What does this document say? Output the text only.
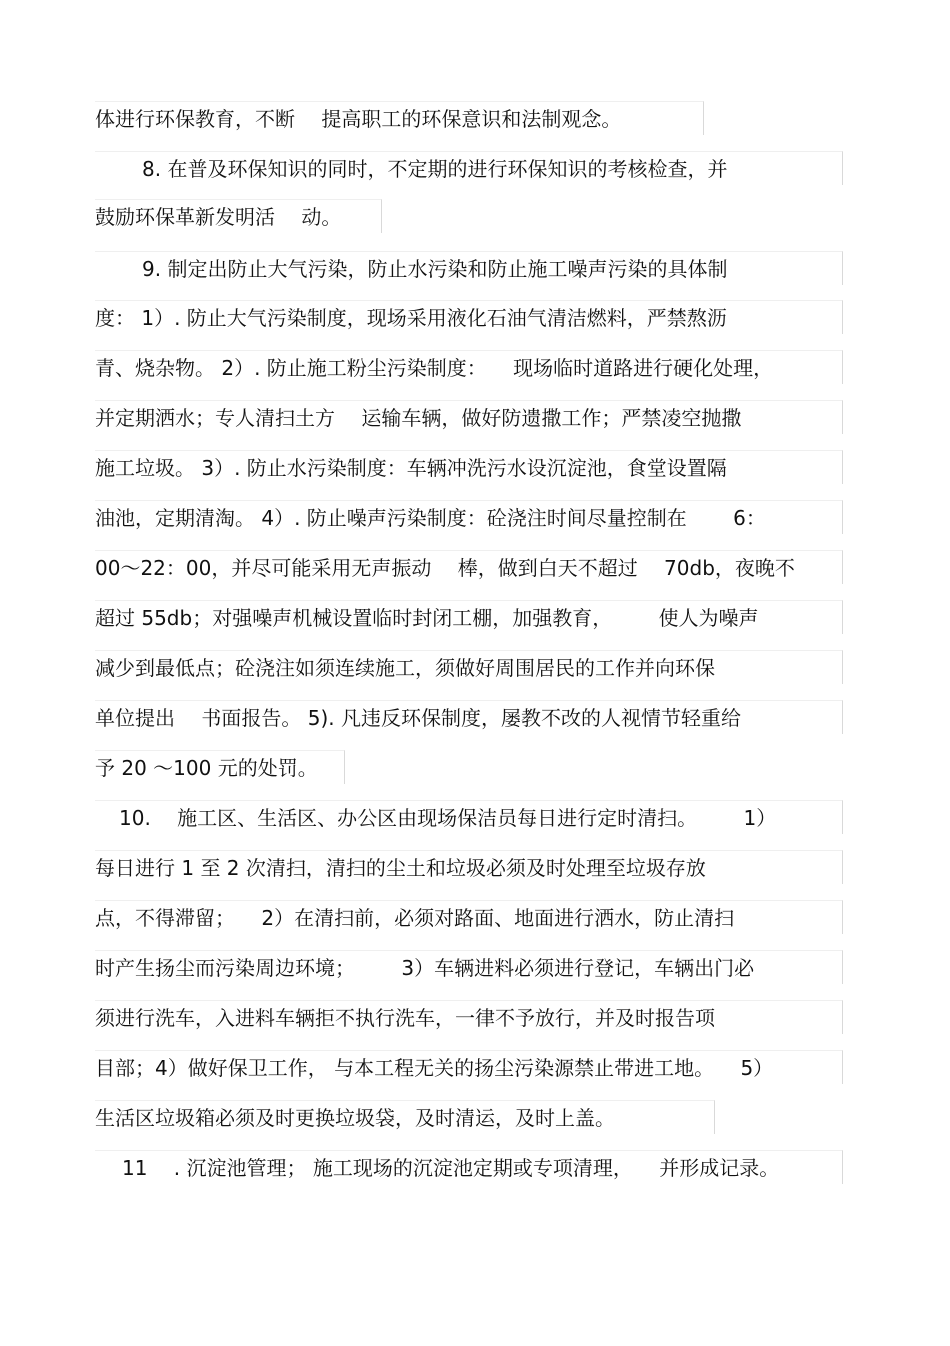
体进行环保教育，不断 　提高职工的环保意识和法制观念。
8. 在普及环保知识的同时，不定期的进行环保知识的考核检查，并
鼓励环保革新发明活 　动。
9. 制定出防止大气污染，防止水污染和防止施工噪声污染的具体制
度： 1）. 防止大气污染制度，现场采用液化石油气清洁燃料，严禁熬沥
青、烧杂物。 2）. 防止施工粉尘污染制度： 　现场临时道路进行硬化处理，
并定期洒水；专人清扫土方 　运输车辆，做好防遗撒工作；严禁凌空抛撒
施工垃圾。 3）. 防止水污染制度：车辆冲洗污水设沉淀池，食堂设置隔
油池，定期清淘。 4）. 防止噪声污染制度：砼浇注时间尽量控制在 　　6：
00～22：00，并尽可能采用无声振动 　棒，做到白天不超过 　70db，夜晚不
超过 55db；对强噪声机械设置临时封闭工棚，加强教育， 　　使人为噪声
减少到最低点；砼浇注如须连续施工，须做好周围居民的工作并向环保
单位提出 　书面报告。 5). 凡违反环保制度，屡教不改的人视情节轻重给
予 20 ～100 元的处罚。
10. 　施工区、生活区、办公区由现场保洁员每日进行定时清扫。 　　1）
每日进行 1 至 2 次清扫，清扫的尘土和垃圾必须及时处理至垃圾存放
点，不得滞留； 　2）在清扫前，必须对路面、地面进行洒水，防止清扫
时产生扬尘而污染周边环境； 　　3）车辆进料必须进行登记，车辆出门必
须进行洗车，入进料车辆拒不执行洗车，一律不予放行，并及时报告项
目部；4）做好保卫工作， 与本工程无关的扬尘污染源禁止带进工地。 　5）
生活区垃圾箱必须及时更换垃圾袋，及时清运，及时上盖。
11 　. 沉淀池管理； 施工现场的沉淀池定期或专项清理， 　并形成记录。
